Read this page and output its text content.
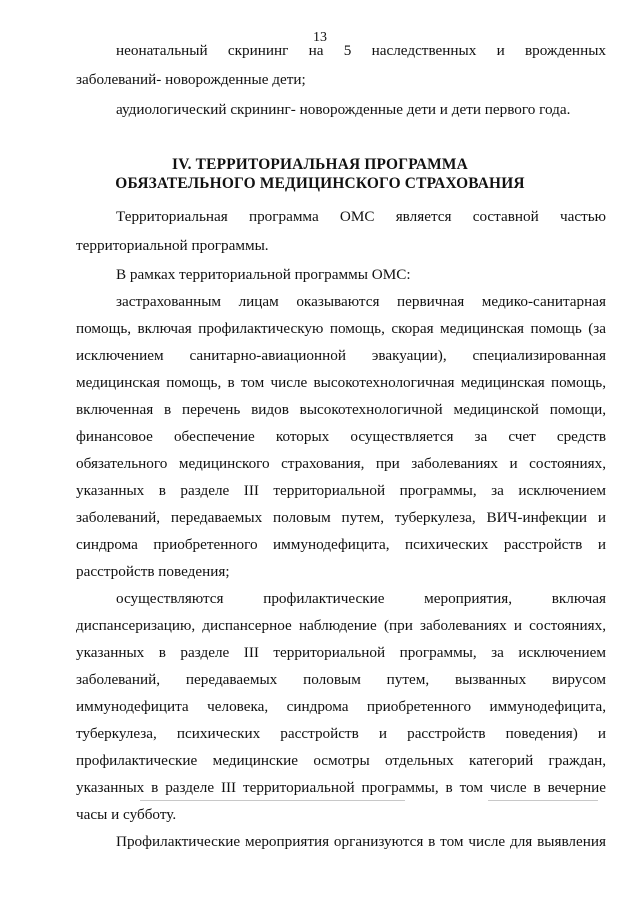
13
неонатальный скрининг на 5 наследственных и врожденных
заболеваний- новорожденные дети;
аудиологический скрининг- новорожденные дети и дети первого года.
IV. ТЕРРИТОРИАЛЬНАЯ ПРОГРАММА
ОБЯЗАТЕЛЬНОГО МЕДИЦИНСКОГО СТРАХОВАНИЯ
Территориальная программа ОМС является составной частью
территориальной программы.
В рамках территориальной программы ОМС:
застрахованным лицам оказываются первичная медико-санитарная
помощь, включая профилактическую помощь, скорая медицинская помощь (за
исключением санитарно-авиационной эвакуации), специализированная
медицинская помощь, в том числе высокотехнологичная медицинская помощь,
включенная в перечень видов высокотехнологичной медицинской помощи,
финансовое обеспечение которых осуществляется за счет средств
обязательного медицинского страхования, при заболеваниях и состояниях,
указанных в разделе III территориальной программы, за исключением
заболеваний, передаваемых половым путем, туберкулеза, ВИЧ-инфекции и
синдрома приобретенного иммунодефицита, психических расстройств и
расстройств поведения;
осуществляются профилактические мероприятия, включая
диспансеризацию, диспансерное наблюдение (при заболеваниях и состояниях,
указанных в разделе III территориальной программы, за исключением
заболеваний, передаваемых половым путем, вызванных вирусом
иммунодефицита человека, синдрома приобретенного иммунодефицита,
туберкулеза, психических расстройств и расстройств поведения) и
профилактические медицинские осмотры отдельных категорий граждан,
указанных в разделе III территориальной программы, в том числе в вечерние
часы и субботу.
Профилактические мероприятия организуются в том числе для выявления
